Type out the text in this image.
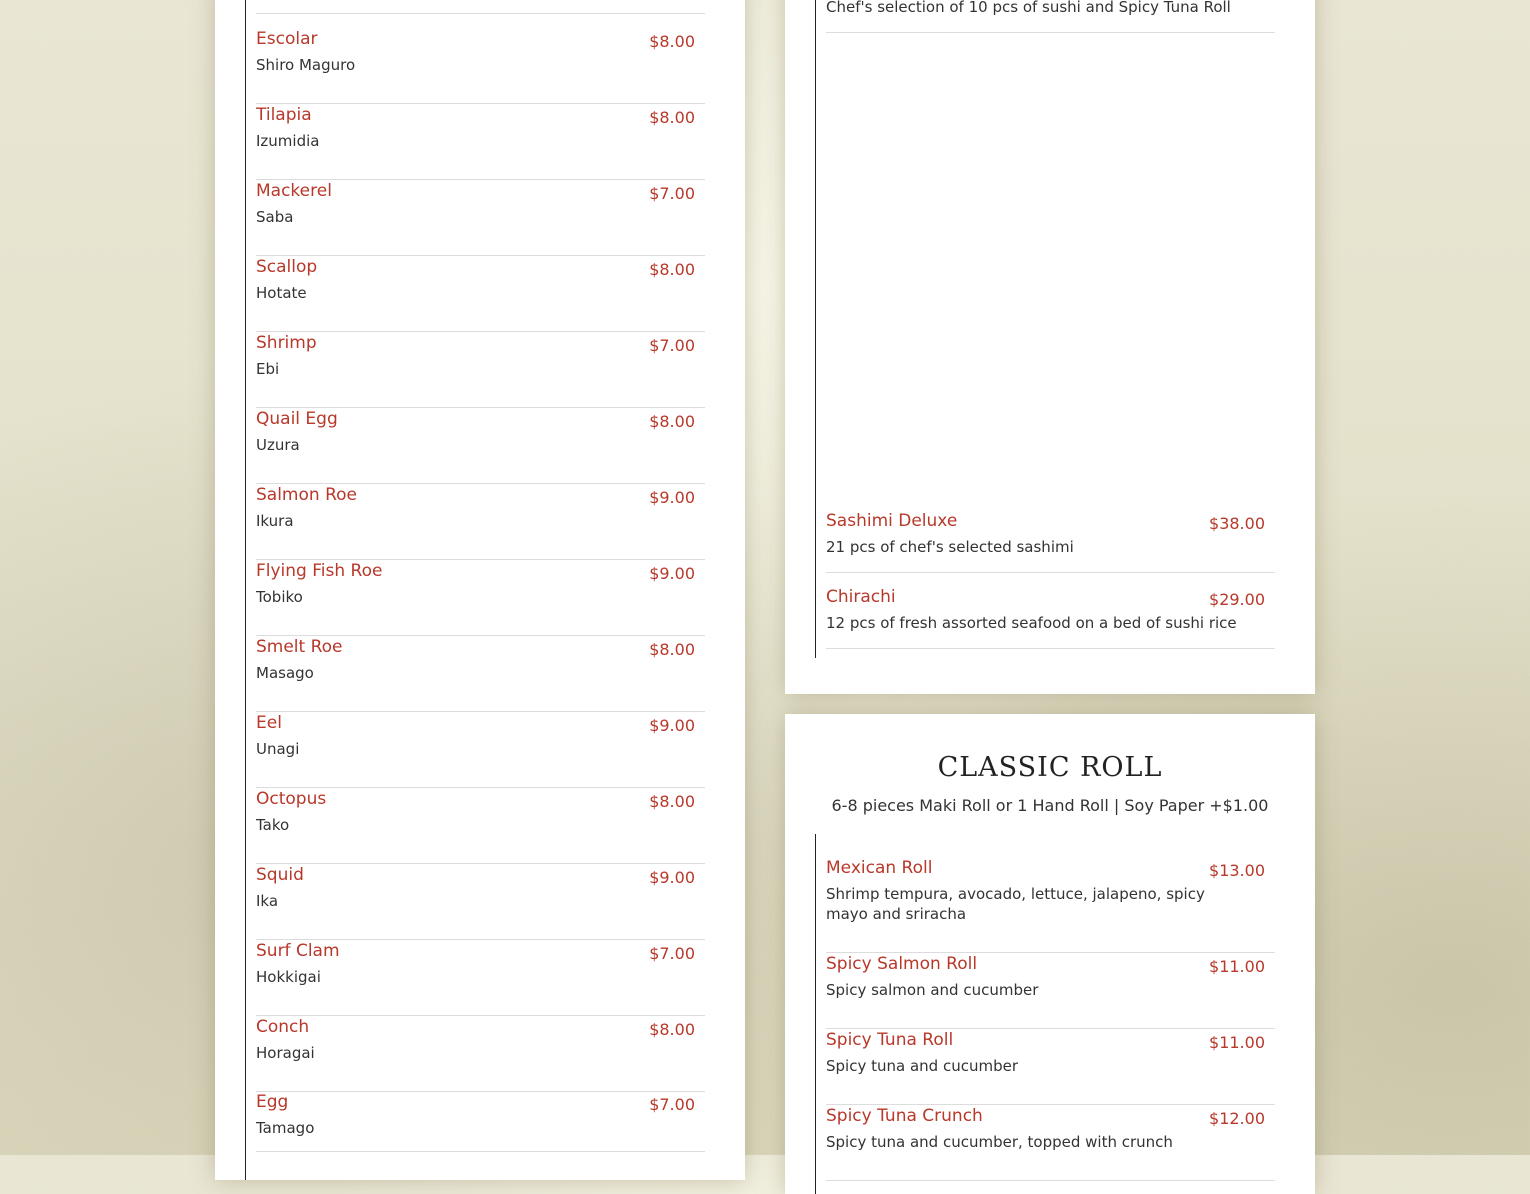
Escolar	$8.00
Shiro Maguro
Tilapia	$8.00
Izumidia
Mackerel	$7.00
Saba
Scallop	$8.00
Hotate
Shrimp	$7.00
Ebi
Quail Egg	$8.00
Uzura
Salmon Roe	$9.00
Ikura
Flying Fish Roe	$9.00
Tobiko
Smelt Roe	$8.00
Masago
Eel	$9.00
Unagi
Octopus	$8.00
Tako
Squid	$9.00
Ika
Surf Clam	$7.00
Hokkigai
Conch	$8.00
Horagai
Egg	$7.00
Tamago
Chef's selection of 10 pcs of sushi and Spicy Tuna Roll
Sashimi Deluxe	$38.00
21 pcs of chef's selected sashimi
Chirachi	$29.00
12 pcs of fresh assorted seafood on a bed of sushi rice
CLASSIC ROLL
6-8 pieces Maki Roll or 1 Hand Roll | Soy Paper +$1.00
Mexican Roll	$13.00
Shrimp tempura, avocado, lettuce, jalapeno, spicy mayo and sriracha
Spicy Salmon Roll	$11.00
Spicy salmon and cucumber
Spicy Tuna Roll	$11.00
Spicy tuna and cucumber
Spicy Tuna Crunch	$12.00
Spicy tuna and cucumber, topped with crunch
